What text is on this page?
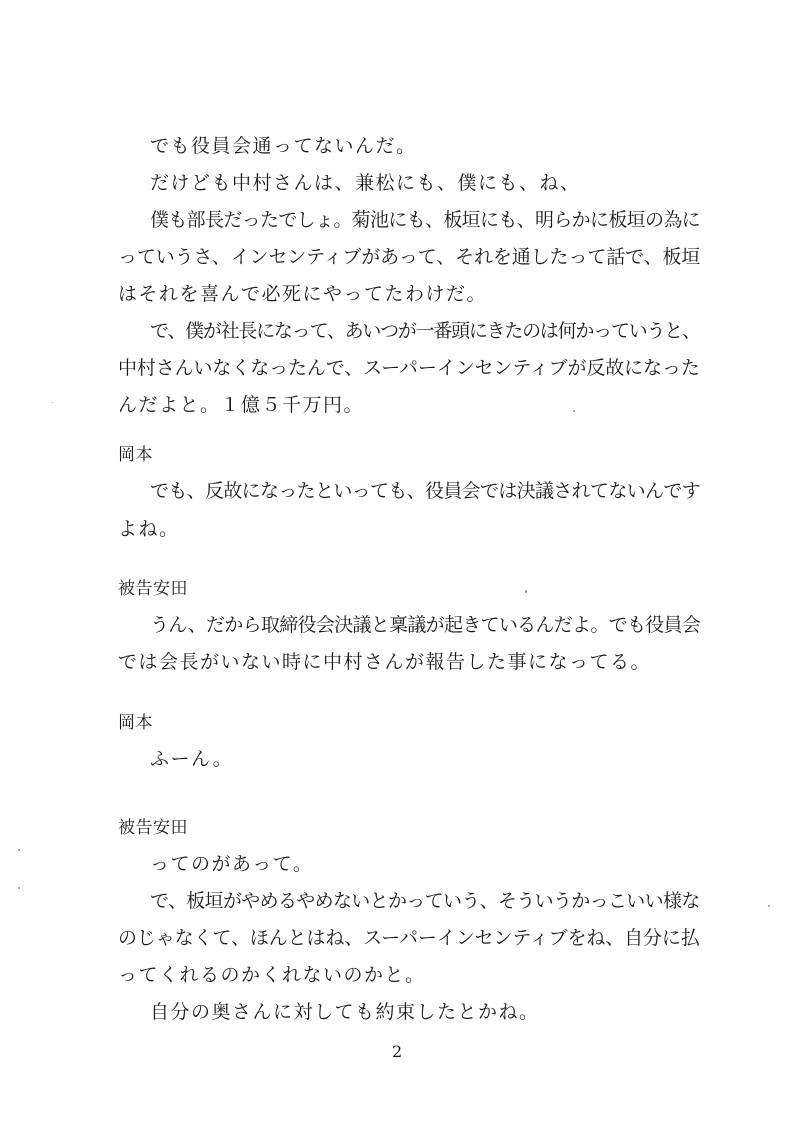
でも役員会通ってないんだ。
だけども中村さんは、兼松にも、僕にも、ね、
僕も部長だったでしょ。菊池にも、板垣にも、明らかに板垣の為に
っていうさ、インセンティブがあって、それを通したって話で、板垣
はそれを喜んで必死にやってたわけだ。
で、僕が社長になって、あいつが一番頭にきたのは何かっていうと、
中村さんいなくなったんで、スーパーインセンティブが反故になった
んだよと。１億５千万円。
岡本
でも、反故になったといっても、役員会では決議されてないんです
よね。
被告安田
うん、だから取締役会決議と稟議が起きているんだよ。でも役員会
では会長がいない時に中村さんが報告した事になってる。
岡本
ふーん。
被告安田
ってのがあって。
で、板垣がやめるやめないとかっていう、そういうかっこいい様な
のじゃなくて、ほんとはね、スーパーインセンティブをね、自分に払
ってくれるのかくれないのかと。
自分の奥さんに対しても約束したとかね。
2
